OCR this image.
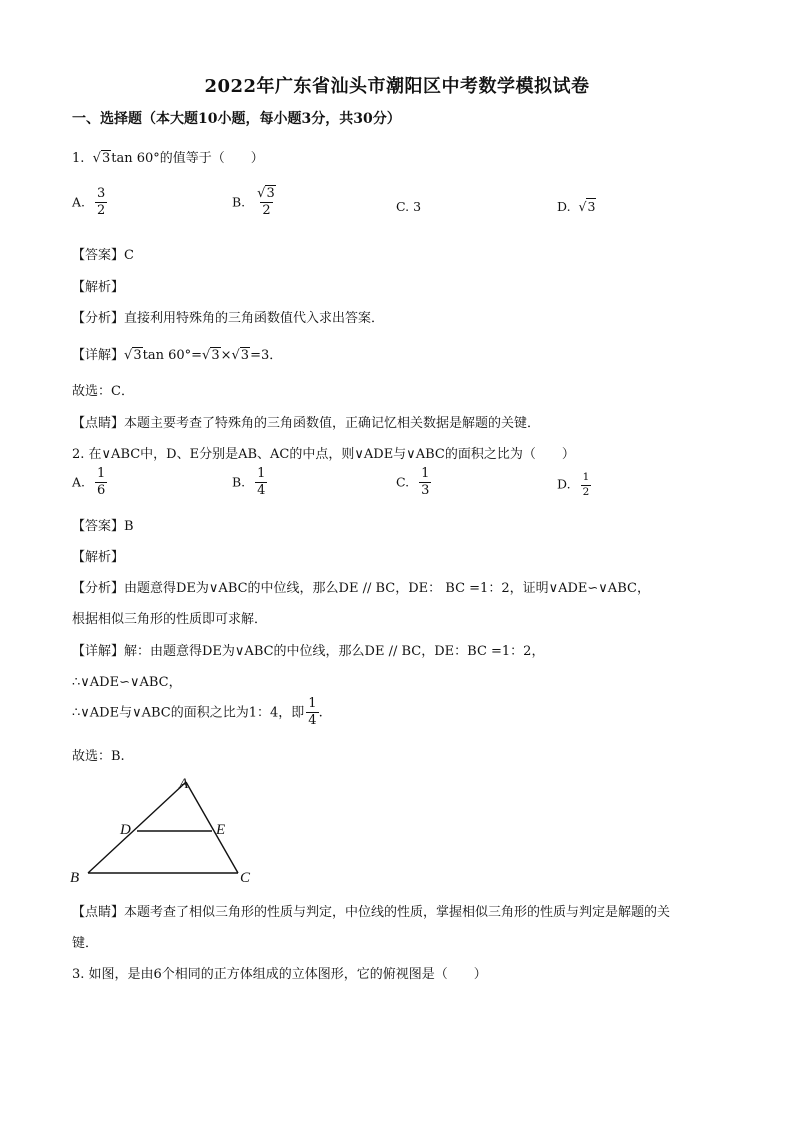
2022年广东省汕头市潮阳区中考数学模拟试卷
一、选择题（本大题10小题，每小题3分，共30分）
1. √3tan 60°的值等于（　　）
A. $\frac{3}{2}$	B. $\frac{√3}{2}$	C. 3	D. √3
【答案】C
【解析】
【分析】直接利用特殊角的三角函数值代入求出答案．
【详解】√3tan 60°=√3×√3=3．
故选：C．
【点睛】本题主要考查了特殊角的三角函数值，正确记忆相关数据是解题的关键．
2. 在∨ABC中，D、E分别是AB、AC的中点，则∨ADE与∨ABC的面积之比为（　　）
A. $\frac{1}{6}$	B. $\frac{1}{4}$	C. $\frac{1}{3}$	D. $\frac{1}{2}$
【答案】B
【解析】
【分析】由题意得DE为∨ABC的中位线，那么DE // BC，DE： BC =1：2，证明∨ADE∽∨ABC，
根据相似三角形的性质即可求解．
【详解】解：由题意得DE为∨ABC的中位线，那么DE // BC，DE：BC =1：2，
∴∨ADE∽∨ABC，
∴∨ADE与∨ABC的面积之比为1：4，即 $\frac{1}{4}$ .
故选：B.
A
B	C
D	E
【点睛】本题考查了相似三角形的性质与判定，中位线的性质，掌握相似三角形的性质与判定是解题的关
键．
3. 如图，是由6个相同的正方体组成的立体图形，它的俯视图是（　　）
